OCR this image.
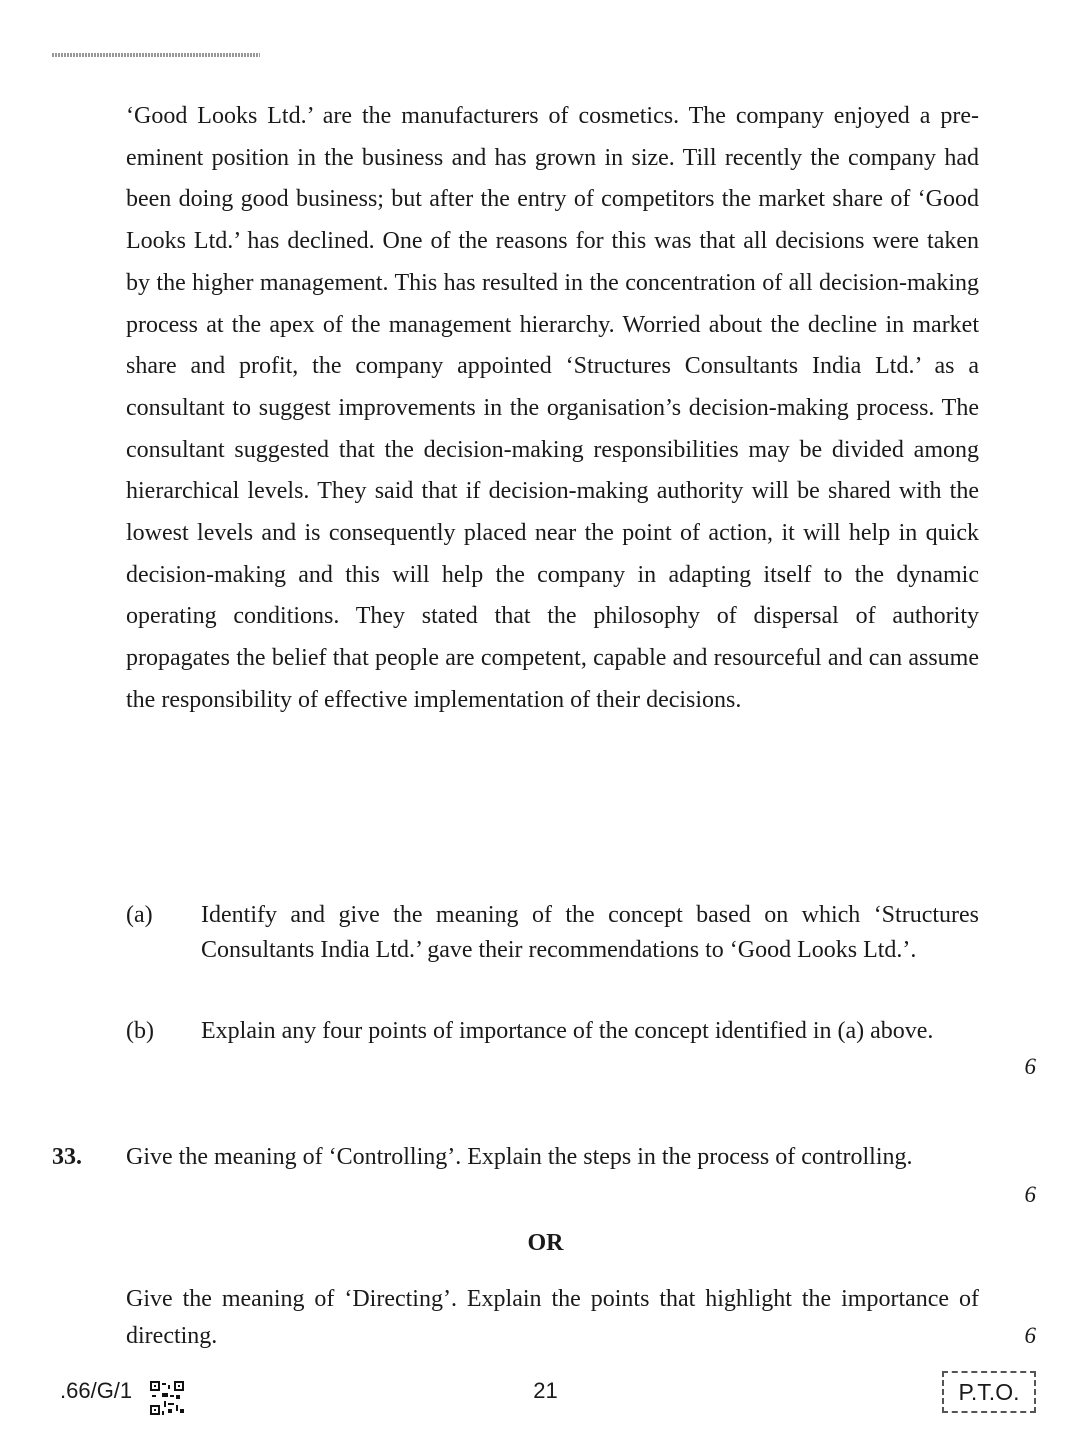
‘Good Looks Ltd.’ are the manufacturers of cosmetics. The company enjoyed a pre-eminent position in the business and has grown in size. Till recently the company had been doing good business; but after the entry of competitors the market share of ‘Good Looks Ltd.’ has declined. One of the reasons for this was that all decisions were taken by the higher management. This has resulted in the concentration of all decision-making process at the apex of the management hierarchy. Worried about the decline in market share and profit, the company appointed ‘Structures Consultants India Ltd.’ as a consultant to suggest improvements in the organisation’s decision-making process. The consultant suggested that the decision-making responsibilities may be divided among hierarchical levels. They said that if decision-making authority will be shared with the lowest levels and is consequently placed near the point of action, it will help in quick decision-making and this will help the company in adapting itself to the dynamic operating conditions. They stated that the philosophy of dispersal of authority propagates the belief that people are competent, capable and resourceful and can assume the responsibility of effective implementation of their decisions.

(a) Identify and give the meaning of the concept based on which ‘Structures Consultants India Ltd.’ gave their recommendations to ‘Good Looks Ltd.’.
(b) Explain any four points of importance of the concept identified in (a) above.
6
33. Give the meaning of ‘Controlling’. Explain the steps in the process of controlling.
6
OR
Give the meaning of ‘Directing’. Explain the points that highlight the importance of directing.	6
.66/G/1	21	P.T.O.
